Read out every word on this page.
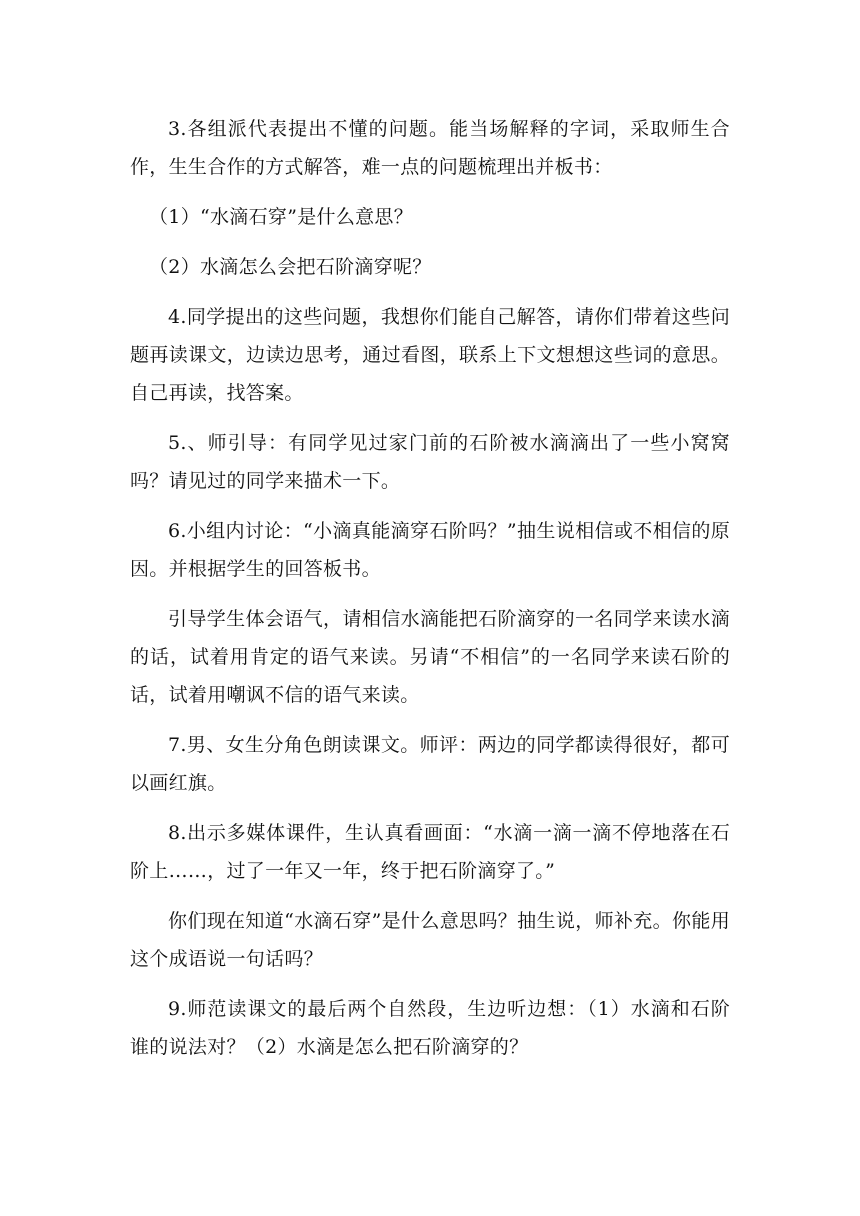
3.各组派代表提出不懂的问题。能当场解释的字词，采取师生合作，生生合作的方式解答，难一点的问题梳理出并板书：

（1）“水滴石穿”是什么意思？

（2）水滴怎么会把石阶滴穿呢？

4.同学提出的这些问题，我想你们能自己解答，请你们带着这些问题再读课文，边读边思考，通过看图，联系上下文想想这些词的意思。自己再读，找答案。

5.、师引导：有同学见过家门前的石阶被水滴滴出了一些小窝窝吗？请见过的同学来描术一下。

6.小组内讨论：“小滴真能滴穿石阶吗？”抽生说相信或不相信的原因。并根据学生的回答板书。

引导学生体会语气，请相信水滴能把石阶滴穿的一名同学来读水滴的话，试着用肯定的语气来读。另请“不相信”的一名同学来读石阶的话，试着用嘲讽不信的语气来读。

7.男、女生分角色朗读课文。师评：两边的同学都读得很好，都可以画红旗。

8.出示多媒体课件，生认真看画面：“水滴一滴一滴不停地落在石阶上……，过了一年又一年，终于把石阶滴穿了。”

你们现在知道“水滴石穿”是什么意思吗？抽生说，师补充。你能用这个成语说一句话吗？

9.师范读课文的最后两个自然段，生边听边想：（1）水滴和石阶谁的说法对？（2）水滴是怎么把石阶滴穿的？
